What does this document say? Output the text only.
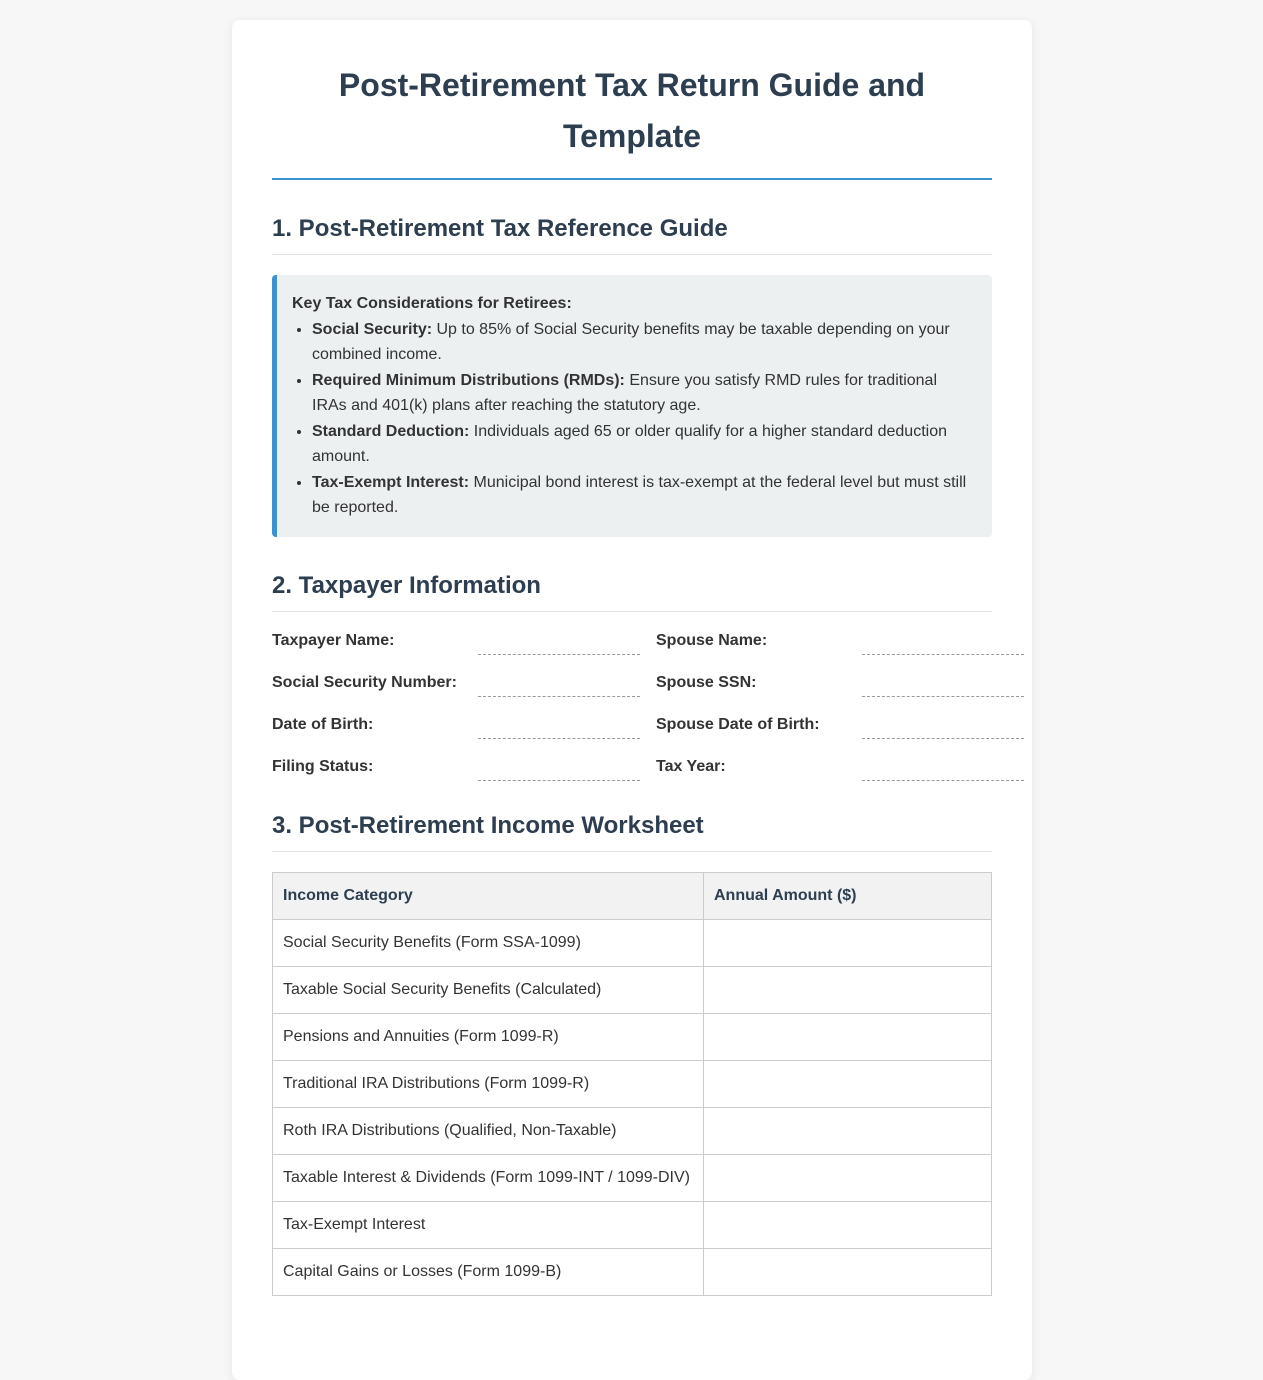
Post-Retirement Tax Return Guide and Template
1. Post-Retirement Tax Reference Guide
Key Tax Considerations for Retirees:
• Social Security: Up to 85% of Social Security benefits may be taxable depending on your combined income.
• Required Minimum Distributions (RMDs): Ensure you satisfy RMD rules for traditional IRAs and 401(k) plans after reaching the statutory age.
• Standard Deduction: Individuals aged 65 or older qualify for a higher standard deduction amount.
• Tax-Exempt Interest: Municipal bond interest is tax-exempt at the federal level but must still be reported.
2. Taxpayer Information
Taxpayer Name:	Spouse Name:
Social Security Number:	Spouse SSN:
Date of Birth:	Spouse Date of Birth:
Filing Status:	Tax Year:
3. Post-Retirement Income Worksheet
Income Category	Annual Amount ($)
Social Security Benefits (Form SSA-1099)	
Taxable Social Security Benefits (Calculated)	
Pensions and Annuities (Form 1099-R)	
Traditional IRA Distributions (Form 1099-R)	
Roth IRA Distributions (Qualified, Non-Taxable)	
Taxable Interest & Dividends (Form 1099-INT / 1099-DIV)	
Tax-Exempt Interest	
Capital Gains or Losses (Form 1099-B)	
